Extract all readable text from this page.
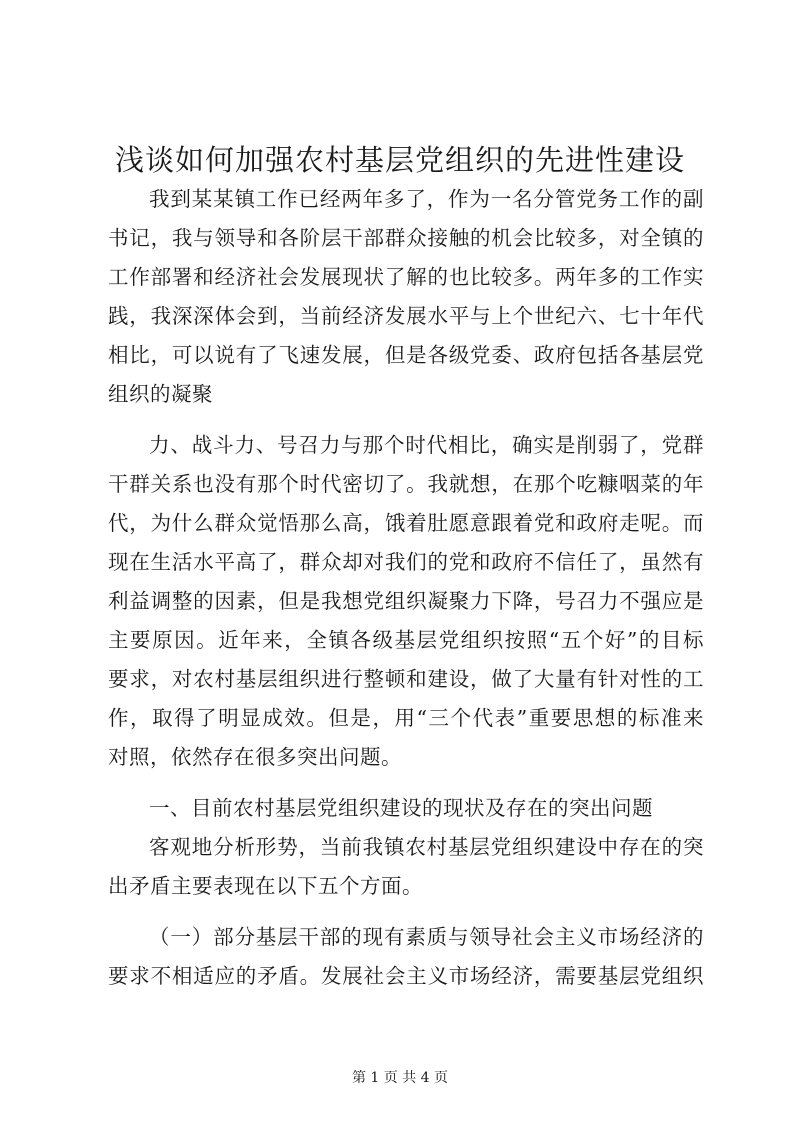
浅谈如何加强农村基层党组织的先进性建设
我到某某镇工作已经两年多了，作为一名分管党务工作的副
书记，我与领导和各阶层干部群众接触的机会比较多，对全镇的
工作部署和经济社会发展现状了解的也比较多。两年多的工作实
践，我深深体会到，当前经济发展水平与上个世纪六、七十年代
相比，可以说有了飞速发展，但是各级党委、政府包括各基层党
组织的凝聚
力、战斗力、号召力与那个时代相比，确实是削弱了，党群
干群关系也没有那个时代密切了。我就想，在那个吃糠咽菜的年
代，为什么群众觉悟那么高，饿着肚愿意跟着党和政府走呢。而
现在生活水平高了，群众却对我们的党和政府不信任了，虽然有
利益调整的因素，但是我想党组织凝聚力下降，号召力不强应是
主要原因。近年来，全镇各级基层党组织按照“五个好”的目标
要求，对农村基层组织进行整顿和建设，做了大量有针对性的工
作，取得了明显成效。但是，用“三个代表”重要思想的标准来
对照，依然存在很多突出问题。
一、目前农村基层党组织建设的现状及存在的突出问题
客观地分析形势，当前我镇农村基层党组织建设中存在的突
出矛盾主要表现在以下五个方面。
（一）部分基层干部的现有素质与领导社会主义市场经济的
要求不相适应的矛盾。发展社会主义市场经济，需要基层党组织
第 1 页 共 4 页
